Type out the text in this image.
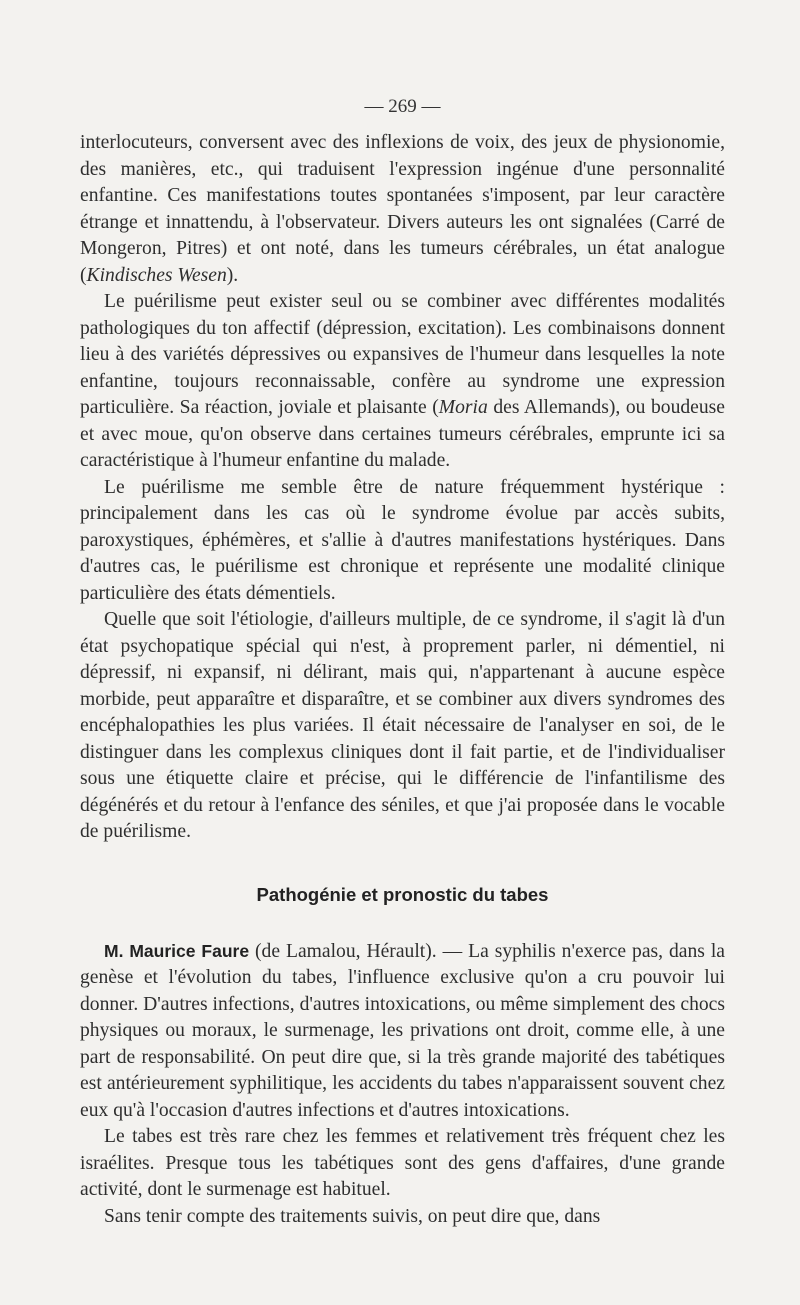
— 269 —

interlocuteurs, conversent avec des inflexions de voix, des jeux de physionomie, des manières, etc., qui traduisent l'expression ingénue d'une personnalité enfantine. Ces manifestations toutes spontanées s'imposent, par leur caractère étrange et innattendu, à l'observateur. Divers auteurs les ont signalées (Carré de Mongeron, Pitres) et ont noté, dans les tumeurs cérébrales, un état analogue (Kindisches Wesen).

Le puérilisme peut exister seul ou se combiner avec différentes modalités pathologiques du ton affectif (dépression, excitation). Les combinaisons donnent lieu à des variétés dépressives ou expansives de l'humeur dans lesquelles la note enfantine, toujours reconnaissable, confère au syndrome une expression particulière. Sa réaction, joviale et plaisante (Moria des Allemands), ou boudeuse et avec moue, qu'on observe dans certaines tumeurs cérébrales, emprunte ici sa caractéristique à l'humeur enfantine du malade.

Le puérilisme me semble être de nature fréquemment hystérique : principalement dans les cas où le syndrome évolue par accès subits, paroxystiques, éphémères, et s'allie à d'autres manifestations hystériques. Dans d'autres cas, le puérilisme est chronique et représente une modalité clinique particulière des états démentiels.

Quelle que soit l'étiologie, d'ailleurs multiple, de ce syndrome, il s'agit là d'un état psychopatique spécial qui n'est, à proprement parler, ni démentiel, ni dépressif, ni expansif, ni délirant, mais qui, n'appartenant à aucune espèce morbide, peut apparaître et disparaître, et se combiner aux divers syndromes des encéphalopathies les plus variées. Il était nécessaire de l'analyser en soi, de le distinguer dans les complexus cliniques dont il fait partie, et de l'individualiser sous une étiquette claire et précise, qui le différencie de l'infantilisme des dégénérés et du retour à l'enfance des séniles, et que j'ai proposée dans le vocable de puérilisme.

Pathogénie et pronostic du tabes

M. Maurice Faure (de Lamalou, Hérault). — La syphilis n'exerce pas, dans la genèse et l'évolution du tabes, l'influence exclusive qu'on a cru pouvoir lui donner. D'autres infections, d'autres intoxications, ou même simplement des chocs physiques ou moraux, le surmenage, les privations ont droit, comme elle, à une part de responsabilité. On peut dire que, si la très grande majorité des tabétiques est antérieurement syphilitique, les accidents du tabes n'apparaissent souvent chez eux qu'à l'occasion d'autres infections et d'autres intoxications.

Le tabes est très rare chez les femmes et relativement très fréquent chez les israélites. Presque tous les tabétiques sont des gens d'affaires, d'une grande activité, dont le surmenage est habituel.

Sans tenir compte des traitements suivis, on peut dire que, dans
